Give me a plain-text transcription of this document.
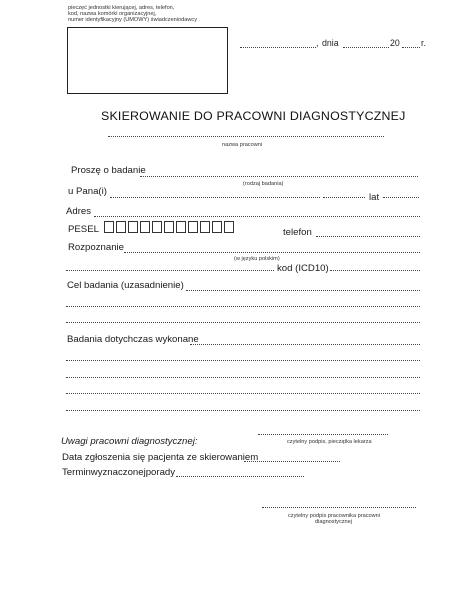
pieczęć jednostki kierującej, adres, telefon,
kod, nazwa komórki organizacyjnej,
numer identyfikacyjny (UMOWY) świadczeniodawcy
, dnia	20 r.
SKIEROWANIE DO PRACOWNI DIAGNOSTYCZNEJ
nazwa pracowni
Proszę o badanie
(rodzaj badania)
u Pana(i)
lat
Adres
PESEL	telefon
Rozpoznanie
(w języku polskim)
kod (ICD10)
Cel badania (uzasadnienie)
Badania dotychczas wykonane
czytelny podpis, pieczątka lekarza
Uwagi pracowni diagnostycznej:
Data zgłoszenia się pacjenta ze skierowaniem
Terminwyznaczonejporady
czytelny podpis pracownika pracowni
diagnostycznej
